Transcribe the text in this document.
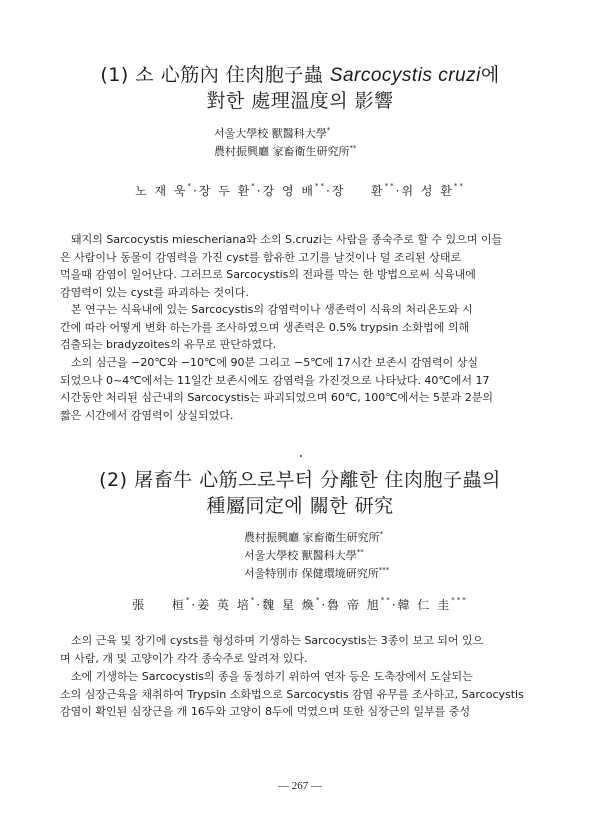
(1) 소 心筋內 住肉胞子蟲 Sarcocystis cruzi에
對한 處理溫度의 影響
서울大學校 獸醫科大學*
農村振興廳 家畜衛生研究所**
노 재 욱*·장 두 환*·강 영 배**·장 　 환**·위 성 환**
돼지의 Sarcocystis miescheriana와 소의 S.cruzi는 사람을 종숙주로 할 수 있으며 이들
은 사람이나 동물이 감염력을 가진 cyst를 함유한 고기를 날것이나 덜 조리된 상태로
먹을때 감염이 일어난다. 그러므로 Sarcocystis의 전파를 막는 한 방법으로써 식육내에
감염력이 있는 cyst를 파괴하는 것이다.
본 연구는 식육내에 있는 Sarcocystis의 감염력이나 생존력이 식육의 처리온도와 시
간에 따라 어떻게 변화 하는가를 조사하였으며 생존력은 0.5% trypsin 소화법에 의해
검출되는 bradyzoites의 유무로 판단하였다.
소의 심근을 −20℃와 −10℃에 90분 그리고 −5℃에 17시간 보존시 감염력이 상실
되었으나 0~4℃에서는 11일간 보존시에도 감염력을 가진것으로 나타났다. 40℃에서 17
시간동안 처리된 심근내의 Sarcocystis는 파괴되었으며 60℃, 100℃에서는 5분과 2분의
짧은 시간에서 감염력이 상실되었다.
(2) 屠畜牛 心筋으로부터 分離한 住肉胞子蟲의
種屬同定에 關한 研究
農村振興廳 家畜衛生研究所*
서울大學校 獸醫科大學**
서울特別市 保健環境研究所***
張 　 桓*·姜 英 培*·魏 星 煥*·魯 帝 旭**·韓 仁 圭***
소의 근육 및 장기에 cysts를 형성하며 기생하는 Sarcocystis는 3종이 보고 되어 있으
며 사람, 개 및 고양이가 각각 종숙주로 알려져 있다.
소에 기생하는 Sarcocystis의 종을 동정하기 위하여 연자 등은 도축장에서 도살되는
소의 심장근육을 채취하여 Trypsin 소화법으로 Sarcocystis 감염 유무를 조사하고, Sarcocystis
감염이 확인된 심장근을 개 16두와 고양이 8두에 먹였으며 또한 심장근의 일부를 중성
— 267 —
